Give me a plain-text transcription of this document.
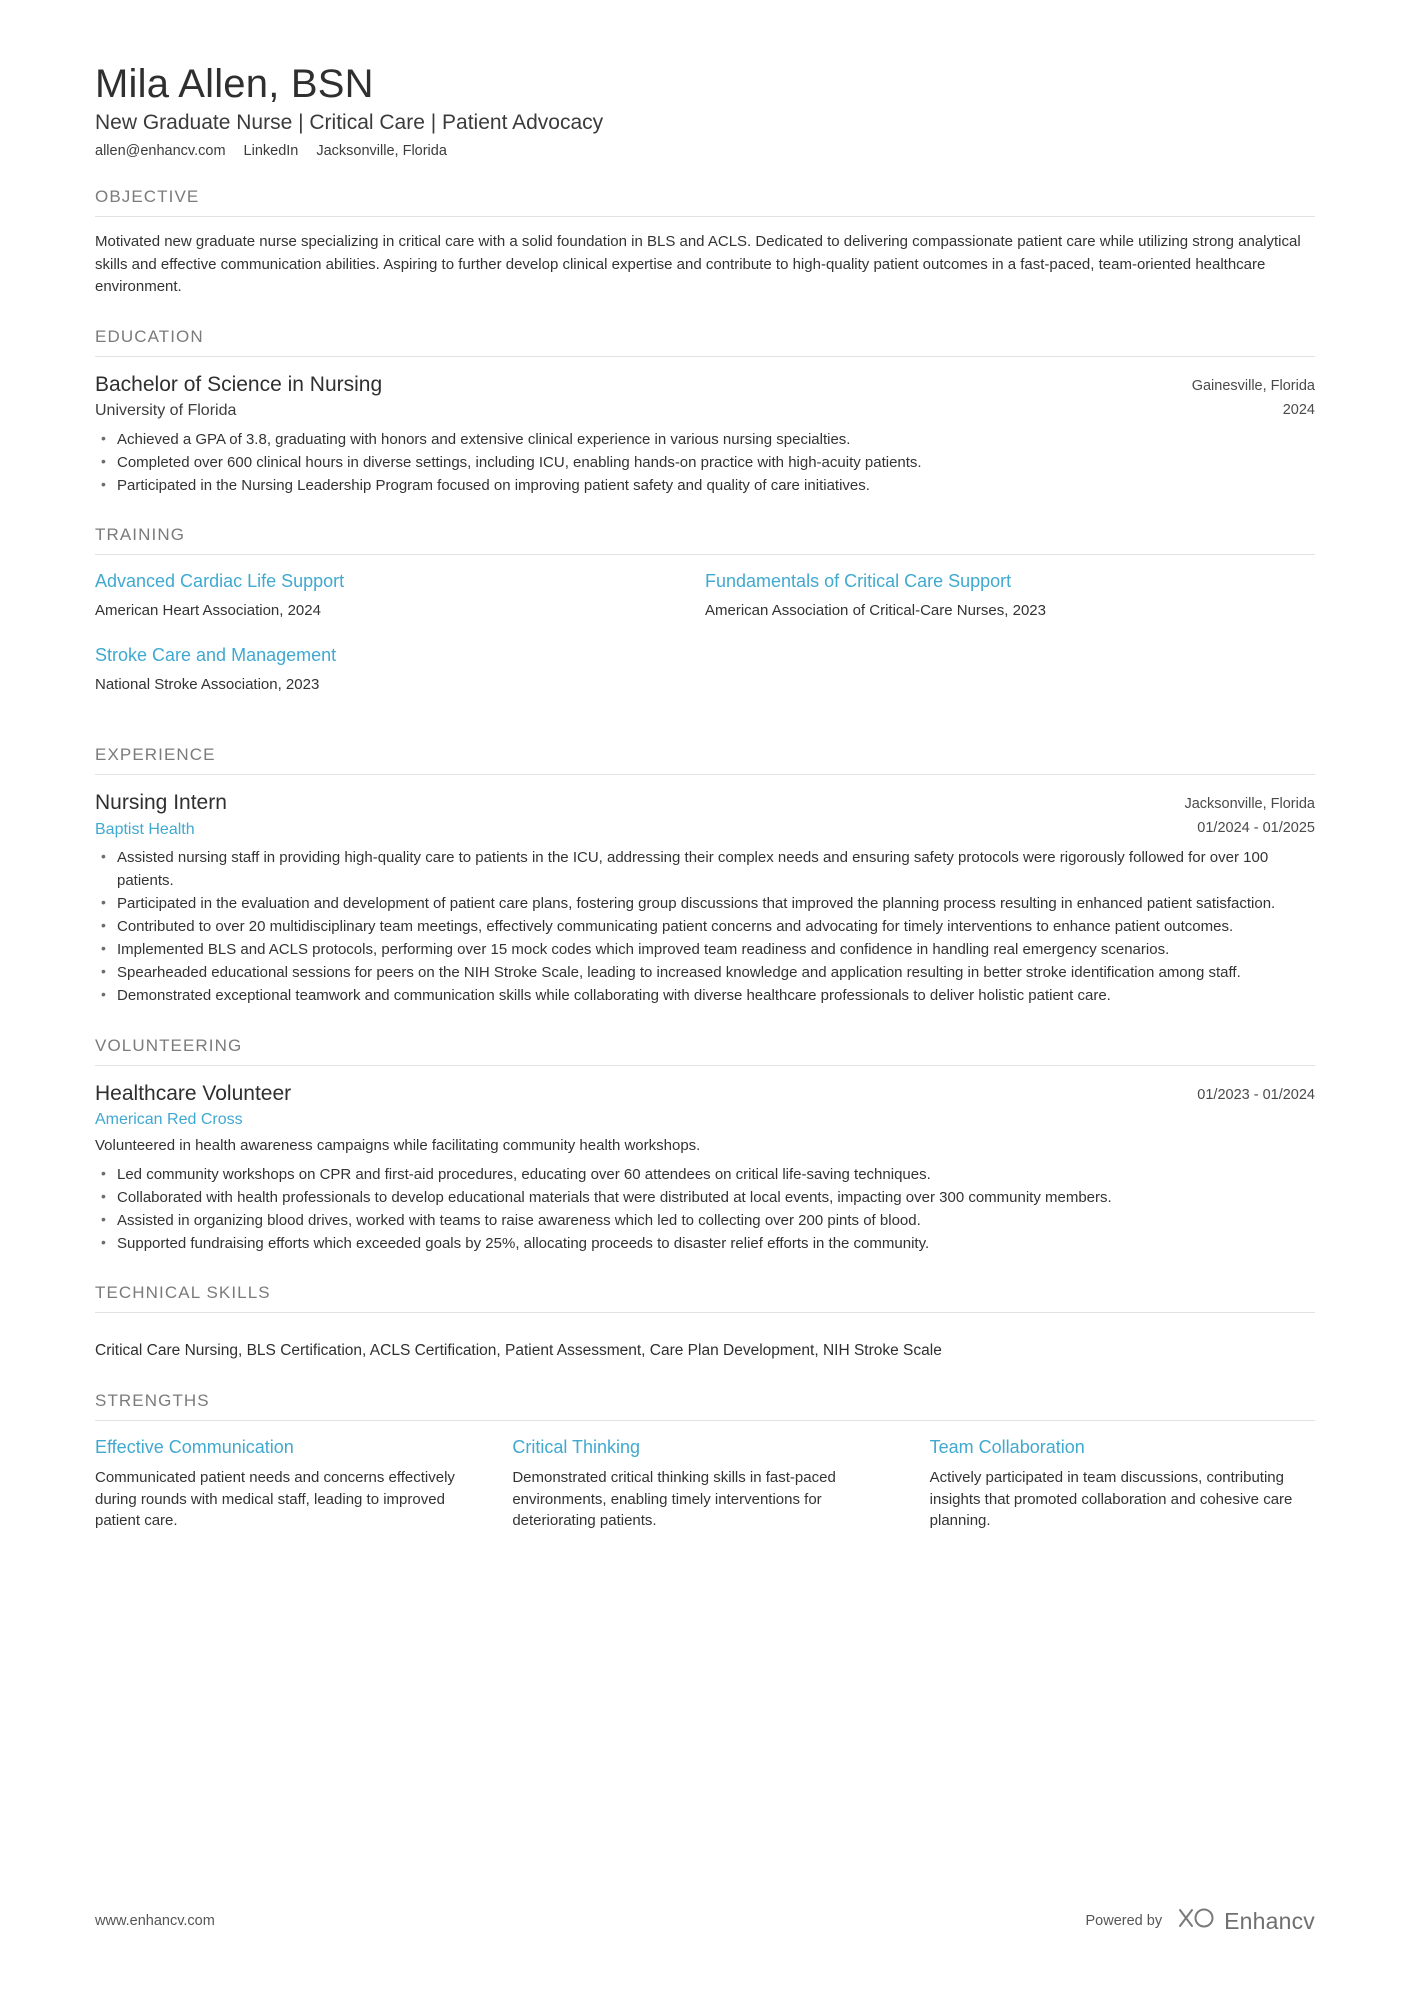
Mila Allen, BSN
New Graduate Nurse | Critical Care | Patient Advocacy
allen@enhancv.com LinkedIn Jacksonville, Florida
OBJECTIVE

Motivated new graduate nurse specializing in critical care with a solid foundation in BLS and ACLS. Dedicated to delivering compassionate patient care while utilizing strong analytical skills and effective communication abilities. Aspiring to further develop clinical expertise and contribute to high-quality patient outcomes in a fast-paced, team-oriented healthcare environment.

EDUCATION
Bachelor of Science in Nursing
University of Florida
Gainesville, Florida
2024
• Achieved a GPA of 3.8, graduating with honors and extensive clinical experience in various nursing specialties.
• Completed over 600 clinical hours in diverse settings, including ICU, enabling hands-on practice with high-acuity patients.
• Participated in the Nursing Leadership Program focused on improving patient safety and quality of care initiatives.
TRAINING
Advanced Cardiac Life Support
American Heart Association, 2024
Fundamentals of Critical Care Support
American Association of Critical-Care Nurses, 2023
Stroke Care and Management
National Stroke Association, 2023
EXPERIENCE
Nursing Intern
Baptist Health
Jacksonville, Florida
01/2024 - 01/2025
• Assisted nursing staff in providing high-quality care to patients in the ICU, addressing their complex needs and ensuring safety protocols were rigorously followed for over 100 patients.
• Participated in the evaluation and development of patient care plans, fostering group discussions that improved the planning process resulting in enhanced patient satisfaction.
• Contributed to over 20 multidisciplinary team meetings, effectively communicating patient concerns and advocating for timely interventions to enhance patient outcomes.
• Implemented BLS and ACLS protocols, performing over 15 mock codes which improved team readiness and confidence in handling real emergency scenarios.
• Spearheaded educational sessions for peers on the NIH Stroke Scale, leading to increased knowledge and application resulting in better stroke identification among staff.
• Demonstrated exceptional teamwork and communication skills while collaborating with diverse healthcare professionals to deliver holistic patient care.
VOLUNTEERING
Healthcare Volunteer
American Red Cross
01/2023 - 01/2024

Volunteered in health awareness campaigns while facilitating community health workshops.

• Led community workshops on CPR and first-aid procedures, educating over 60 attendees on critical life-saving techniques.
• Collaborated with health professionals to develop educational materials that were distributed at local events, impacting over 300 community members.
• Assisted in organizing blood drives, worked with teams to raise awareness which led to collecting over 200 pints of blood.
• Supported fundraising efforts which exceeded goals by 25%, allocating proceeds to disaster relief efforts in the community.
TECHNICAL SKILLS
Critical Care Nursing, BLS Certification, ACLS Certification, Patient Assessment, Care Plan Development, NIH Stroke Scale
STRENGTHS
Effective Communication
Communicated patient needs and concerns effectively during rounds with medical staff, leading to improved patient care.
Critical Thinking
Demonstrated critical thinking skills in fast-paced environments, enabling timely interventions for deteriorating patients.
Team Collaboration
Actively participated in team discussions, contributing insights that promoted collaboration and cohesive care planning.
www.enhancv.com	Powered by	Enhancv
